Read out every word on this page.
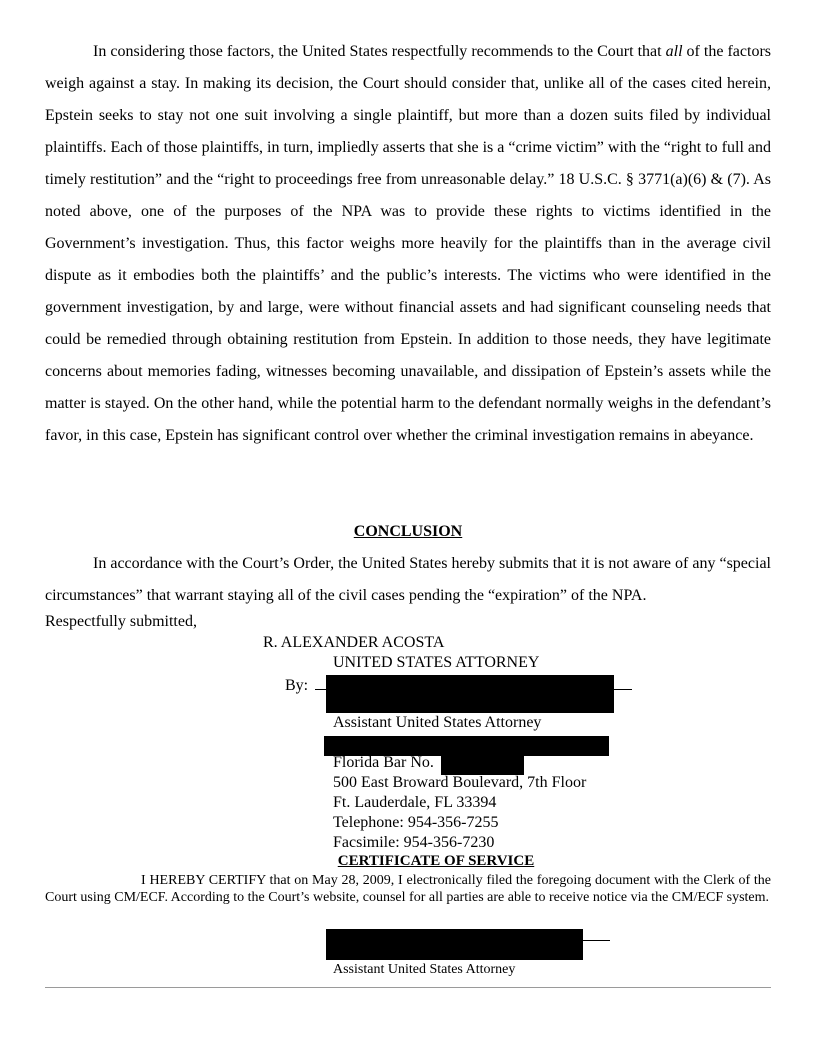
In considering those factors, the United States respectfully recommends to the Court that all of the factors weigh against a stay. In making its decision, the Court should consider that, unlike all of the cases cited herein, Epstein seeks to stay not one suit involving a single plaintiff, but more than a dozen suits filed by individual plaintiffs. Each of those plaintiffs, in turn, impliedly asserts that she is a “crime victim” with the “right to full and timely restitution” and the “right to proceedings free from unreasonable delay.” 18 U.S.C. § 3771(a)(6) & (7). As noted above, one of the purposes of the NPA was to provide these rights to victims identified in the Government’s investigation. Thus, this factor weighs more heavily for the plaintiffs than in the average civil dispute as it embodies both the plaintiffs’ and the public’s interests. The victims who were identified in the government investigation, by and large, were without financial assets and had significant counseling needs that could be remedied through obtaining restitution from Epstein. In addition to those needs, they have legitimate concerns about memories fading, witnesses becoming unavailable, and dissipation of Epstein’s assets while the matter is stayed. On the other hand, while the potential harm to the defendant normally weighs in the defendant’s favor, in this case, Epstein has significant control over whether the criminal investigation remains in abeyance.

CONCLUSION

In accordance with the Court’s Order, the United States hereby submits that it is not aware of any “special circumstances” that warrant staying all of the civil cases pending the “expiration” of the NPA.

Respectfully submitted,
R. ALEXANDER ACOSTA
UNITED STATES ATTORNEY
By:
Assistant United States Attorney
Florida Bar No.
500 East Broward Boulevard, 7th Floor
Ft. Lauderdale, FL 33394
Telephone: 954-356-7255
Facsimile: 954-356-7230
CERTIFICATE OF SERVICE

I HEREBY CERTIFY that on May 28, 2009, I electronically filed the foregoing document with the Clerk of the Court using CM/ECF. According to the Court’s website, counsel for all parties are able to receive notice via the CM/ECF system.

Assistant United States Attorney
